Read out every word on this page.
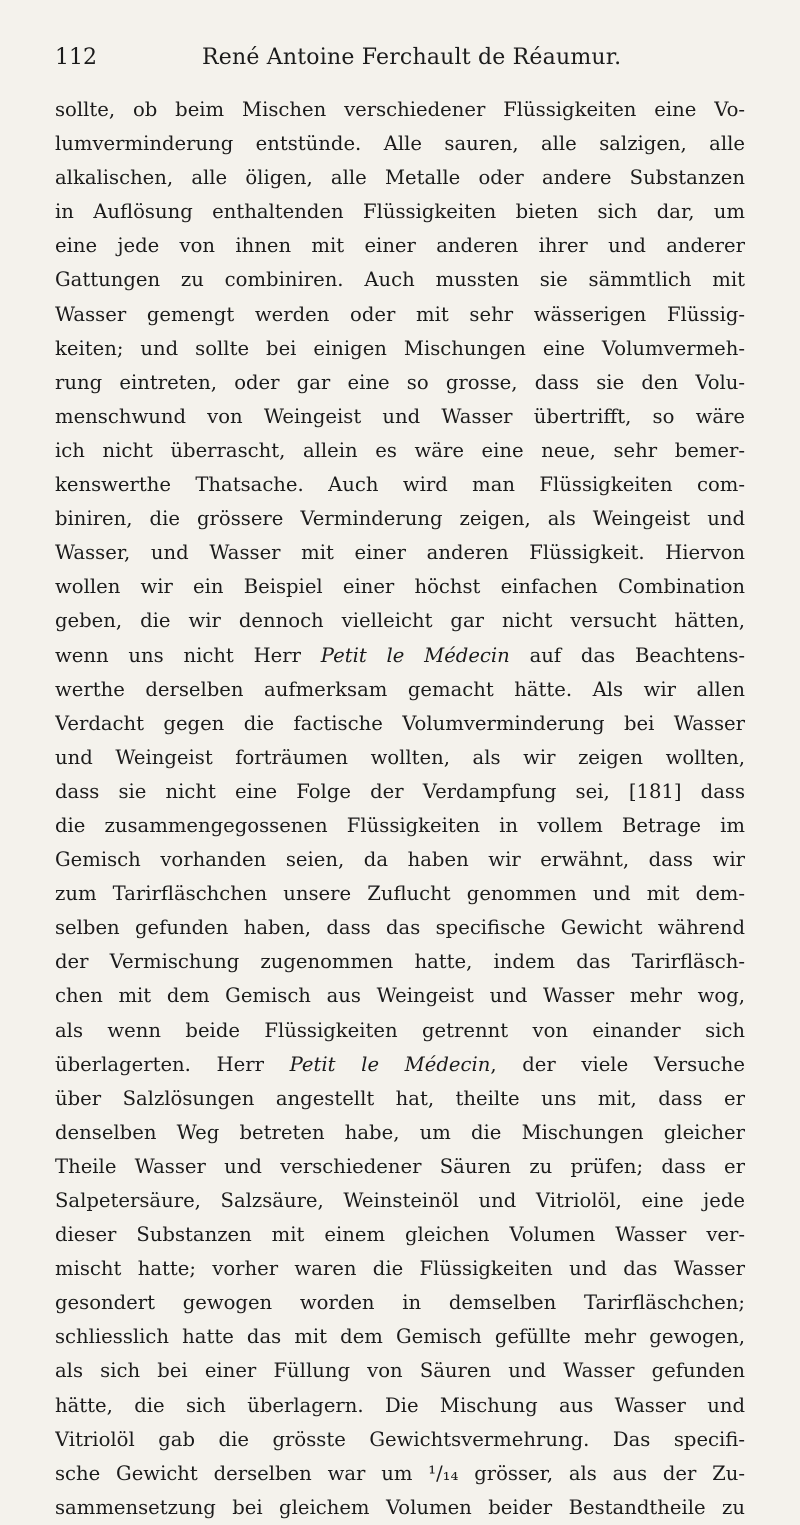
112	René Antoine Ferchault de Réaumur.
sollte, ob beim Mischen verschiedener Flüssigkeiten eine Vo-
lumverminderung entstünde. Alle sauren, alle salzigen, alle
alkalischen, alle öligen, alle Metalle oder andere Substanzen
in Auflösung enthaltenden Flüssigkeiten bieten sich dar, um
eine jede von ihnen mit einer anderen ihrer und anderer
Gattungen zu combiniren. Auch mussten sie sämmtlich mit
Wasser gemengt werden oder mit sehr wässerigen Flüssig-
keiten; und sollte bei einigen Mischungen eine Volumvermeh-
rung eintreten, oder gar eine so grosse, dass sie den Volu-
menschwund von Weingeist und Wasser übertrifft, so wäre
ich nicht überrascht, allein es wäre eine neue, sehr bemer-
kenswerthe Thatsache. Auch wird man Flüssigkeiten com-
biniren, die grössere Verminderung zeigen, als Weingeist und
Wasser, und Wasser mit einer anderen Flüssigkeit. Hiervon
wollen wir ein Beispiel einer höchst einfachen Combination
geben, die wir dennoch vielleicht gar nicht versucht hätten,
wenn uns nicht Herr Petit le Médecin auf das Beachtens-
werthe derselben aufmerksam gemacht hätte. Als wir allen
Verdacht gegen die factische Volumverminderung bei Wasser
und Weingeist forträumen wollten, als wir zeigen wollten,
dass sie nicht eine Folge der Verdampfung sei, [181] dass
die zusammengegossenen Flüssigkeiten in vollem Betrage im
Gemisch vorhanden seien, da haben wir erwähnt, dass wir
zum Tarirfläschchen unsere Zuflucht genommen und mit dem-
selben gefunden haben, dass das specifische Gewicht während
der Vermischung zugenommen hatte, indem das Tarirfläsch-
chen mit dem Gemisch aus Weingeist und Wasser mehr wog,
als wenn beide Flüssigkeiten getrennt von einander sich
überlagerten. Herr Petit le Médecin, der viele Versuche
über Salzlösungen angestellt hat, theilte uns mit, dass er
denselben Weg betreten habe, um die Mischungen gleicher
Theile Wasser und verschiedener Säuren zu prüfen; dass er
Salpetersäure, Salzsäure, Weinsteinöl und Vitriolöl, eine jede
dieser Substanzen mit einem gleichen Volumen Wasser ver-
mischt hatte; vorher waren die Flüssigkeiten und das Wasser
gesondert gewogen worden in demselben Tarirfläschchen;
schliesslich hatte das mit dem Gemisch gefüllte mehr gewogen,
als sich bei einer Füllung von Säuren und Wasser gefunden
hätte, die sich überlagern. Die Mischung aus Wasser und
Vitriolöl gab die grösste Gewichtsvermehrung. Das specifi-
sche Gewicht derselben war um ¹/₁₄ grösser, als aus der Zu-
sammensetzung bei gleichem Volumen beider Bestandtheile zu
